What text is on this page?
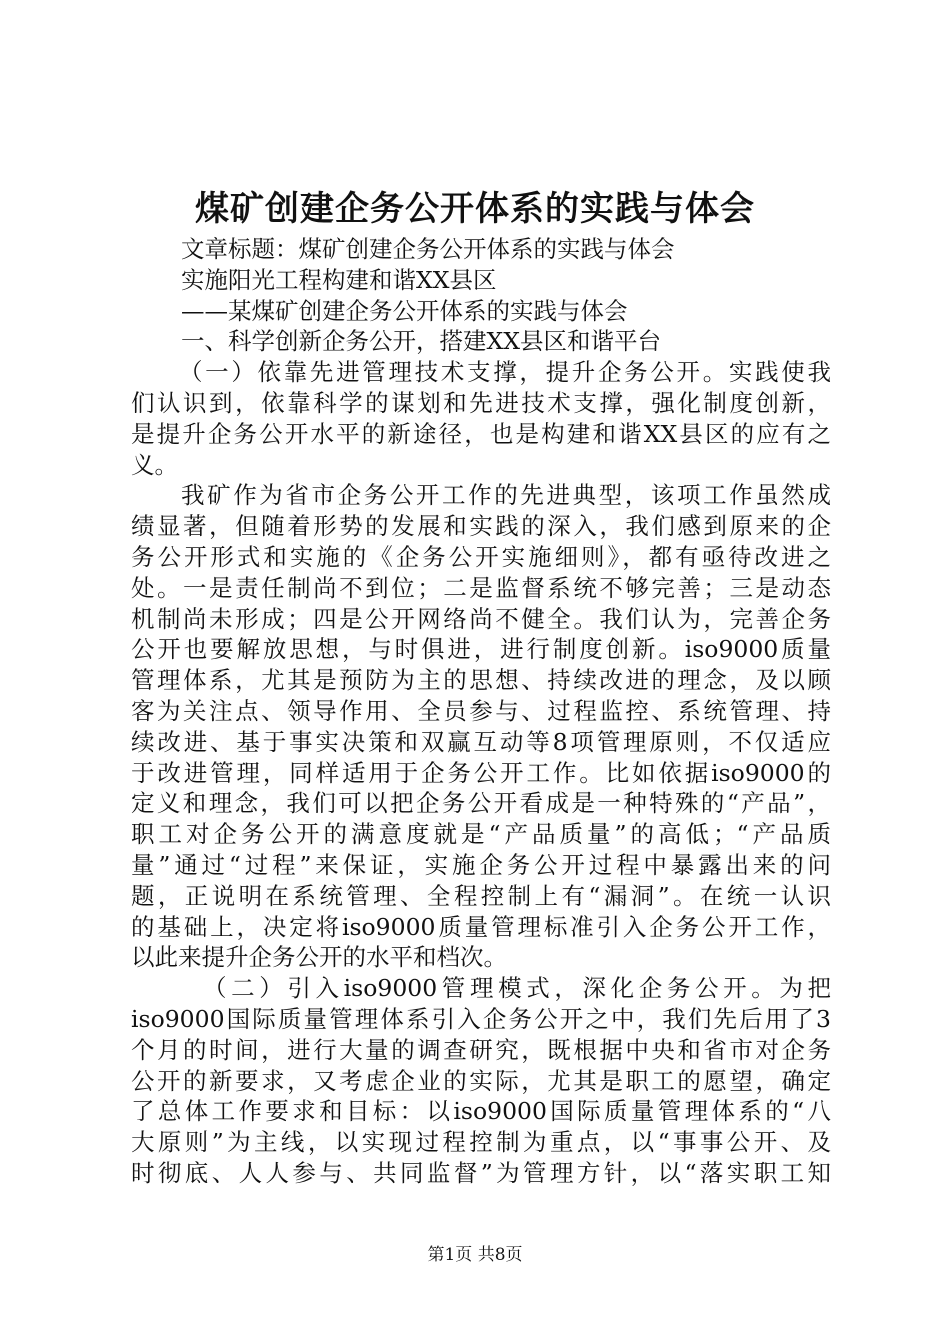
煤矿创建企务公开体系的实践与体会
文章标题：煤矿创建企务公开体系的实践与体会
实施阳光工程构建和谐XX县区
——某煤矿创建企务公开体系的实践与体会
一、科学创新企务公开，搭建XX县区和谐平台
（一）依靠先进管理技术支撑，提升企务公开。实践使我
们认识到，依靠科学的谋划和先进技术支撑，强化制度创新，
是提升企务公开水平的新途径，也是构建和谐XX县区的应有之
义。
我矿作为省市企务公开工作的先进典型，该项工作虽然成
绩显著，但随着形势的发展和实践的深入，我们感到原来的企
务公开形式和实施的《企务公开实施细则》，都有亟待改进之
处。一是责任制尚不到位；二是监督系统不够完善；三是动态
机制尚未形成；四是公开网络尚不健全。我们认为，完善企务
公开也要解放思想，与时俱进，进行制度创新。iso9000质量
管理体系，尤其是预防为主的思想、持续改进的理念，及以顾
客为关注点、领导作用、全员参与、过程监控、系统管理、持
续改进、基于事实决策和双赢互动等8项管理原则，不仅适应
于改进管理，同样适用于企务公开工作。比如依据iso9000的
定义和理念，我们可以把企务公开看成是一种特殊的“产品”，
职工对企务公开的满意度就是“产品质量”的高低；“产品质
量”通过“过程”来保证，实施企务公开过程中暴露出来的问
题，正说明在系统管理、全程控制上有“漏洞”。在统一认识
的基础上，决定将iso9000质量管理标准引入企务公开工作，
以此来提升企务公开的水平和档次。
（二）引入iso9000管理模式，深化企务公开。为把
iso9000国际质量管理体系引入企务公开之中，我们先后用了3
个月的时间，进行大量的调查研究，既根据中央和省市对企务
公开的新要求，又考虑企业的实际，尤其是职工的愿望，确定
了总体工作要求和目标：以iso9000国际质量管理体系的“八
大原则”为主线，以实现过程控制为重点，以“事事公开、及
时彻底、人人参与、共同监督”为管理方针，以“落实职工知
第1页 共8页
